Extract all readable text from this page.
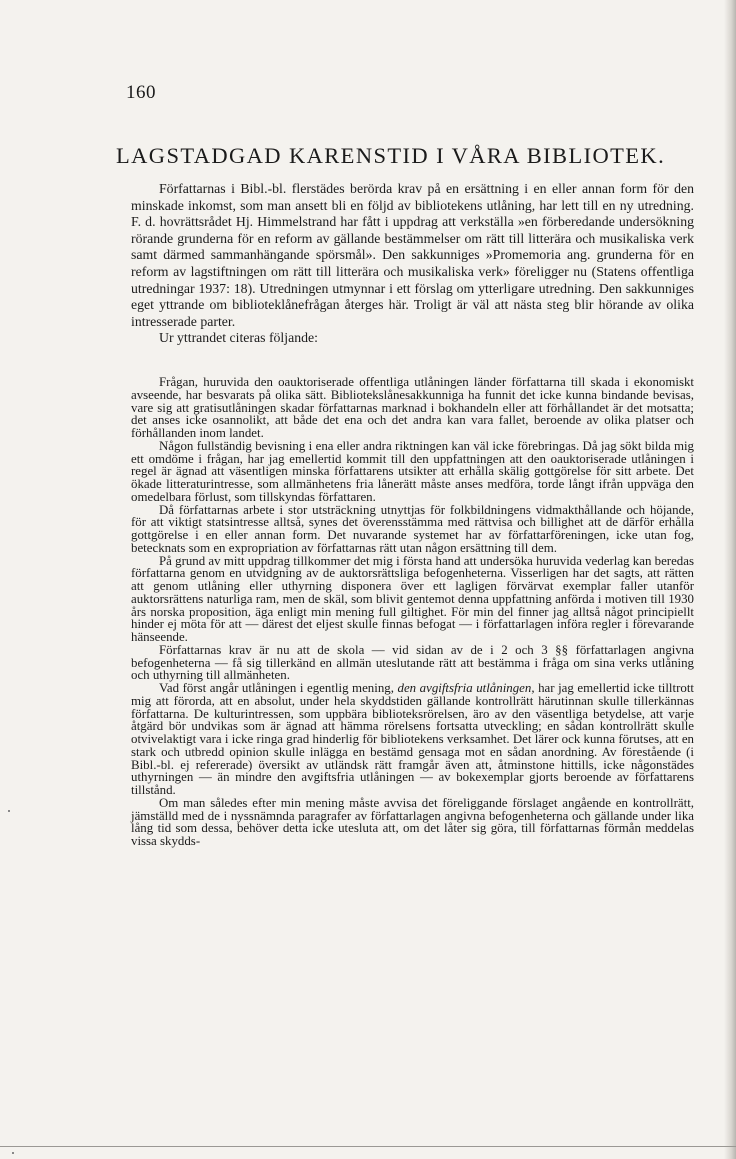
160
LAGSTADGAD KARENSTID I VÅRA BIBLIOTEK.

Författarnas i Bibl.-bl. flerstädes berörda krav på en ersättning i en eller annan form för den minskade inkomst, som man ansett bli en följd av bibliotekens utlåning, har lett till en ny utredning. F. d. hovrättsrådet Hj. Himmelstrand har fått i uppdrag att verkställa »en förberedande undersökning rörande grunderna för en reform av gällande bestämmelser om rätt till litterära och musikaliska verk samt därmed sammanhängande spörsmål». Den sakkunniges »Promemoria ang. grunderna för en reform av lagstiftningen om rätt till litterära och musikaliska verk» föreligger nu (Statens offentliga utredningar 1937: 18). Utredningen utmynnar i ett förslag om ytterligare utredning. Den sakkunniges eget yttrande om biblioteklånefrågan återges här. Troligt är väl att nästa steg blir hörande av olika intresserade parter.

Ur yttrandet citeras följande:

Frågan, huruvida den oauktoriserade offentliga utlåningen länder författarna till skada i ekonomiskt avseende, har besvarats på olika sätt. Bibliotekslånesakkunniga ha funnit det icke kunna bindande bevisas, vare sig att gratisutlåningen skadar författarnas marknad i bokhandeln eller att förhållandet är det motsatta; det anses icke osannolikt, att både det ena och det andra kan vara fallet, beroende av olika platser och förhållanden inom landet.

Någon fullständig bevisning i ena eller andra riktningen kan väl icke förebringas. Då jag sökt bilda mig ett omdöme i frågan, har jag emellertid kommit till den uppfattningen att den oauktoriserade utlåningen i regel är ägnad att väsentligen minska författarens utsikter att erhålla skälig gottgörelse för sitt arbete. Det ökade litteraturintresse, som allmänhetens fria lånerätt måste anses medföra, torde långt ifrån uppväga den omedelbara förlust, som tillskyndas författaren.

Då författarnas arbete i stor utsträckning utnyttjas för folkbildningens vidmakthållande och höjande, för att viktigt statsintresse alltså, synes det överensstämma med rättvisa och billighet att de därför erhålla gottgörelse i en eller annan form. Det nuvarande systemet har av författarföreningen, icke utan fog, betecknats som en expropriation av författarnas rätt utan någon ersättning till dem.

På grund av mitt uppdrag tillkommer det mig i första hand att undersöka huruvida vederlag kan beredas författarna genom en utvidgning av de auktorsrättsliga befogenheterna. Visserligen har det sagts, att rätten att genom utlåning eller uthyrning disponera över ett lagligen förvärvat exemplar faller utanför auktorsrättens naturliga ram, men de skäl, som blivit gentemot denna uppfattning anförda i motiven till 1930 års norska proposition, äga enligt min mening full giltighet. För min del finner jag alltså något principiellt hinder ej möta för att — därest det eljest skulle finnas befogat — i författarlagen införa regler i förevarande hänseende.

Författarnas krav är nu att de skola — vid sidan av de i 2 och 3 §§ författarlagen angivna befogenheterna — få sig tillerkänd en allmän uteslutande rätt att bestämma i fråga om sina verks utlåning och uthyrning till allmänheten.

Vad först angår utlåningen i egentlig mening, den avgiftsfria utlåningen, har jag emellertid icke tilltrott mig att förorda, att en absolut, under hela skyddstiden gällande kontrollrätt härutinnan skulle tillerkännas författarna. De kulturintressen, som uppbära biblioteksrörelsen, äro av den väsentliga betydelse, att varje åtgärd bör undvikas som är ägnad att hämma rörelsens fortsatta utveckling; en sådan kontrollrätt skulle otvivelaktigt vara i icke ringa grad hinderlig för bibliotekens verksamhet. Det lärer ock kunna förutses, att en stark och utbredd opinion skulle inlägga en bestämd gensaga mot en sådan anordning. Av förestående (i Bibl.-bl. ej refererade) översikt av utländsk rätt framgår även att, åtminstone hittills, icke någonstädes uthyrningen — än mindre den avgiftsfria utlåningen — av bokexemplar gjorts beroende av författarens tillstånd.

Om man således efter min mening måste avvisa det föreliggande förslaget angående en kontrollrätt, jämställd med de i nyssnämnda paragrafer av författarlagen angivna befogenheterna och gällande under lika lång tid som dessa, behöver detta icke utesluta att, om det låter sig göra, till författarnas förmån meddelas vissa skydds-
